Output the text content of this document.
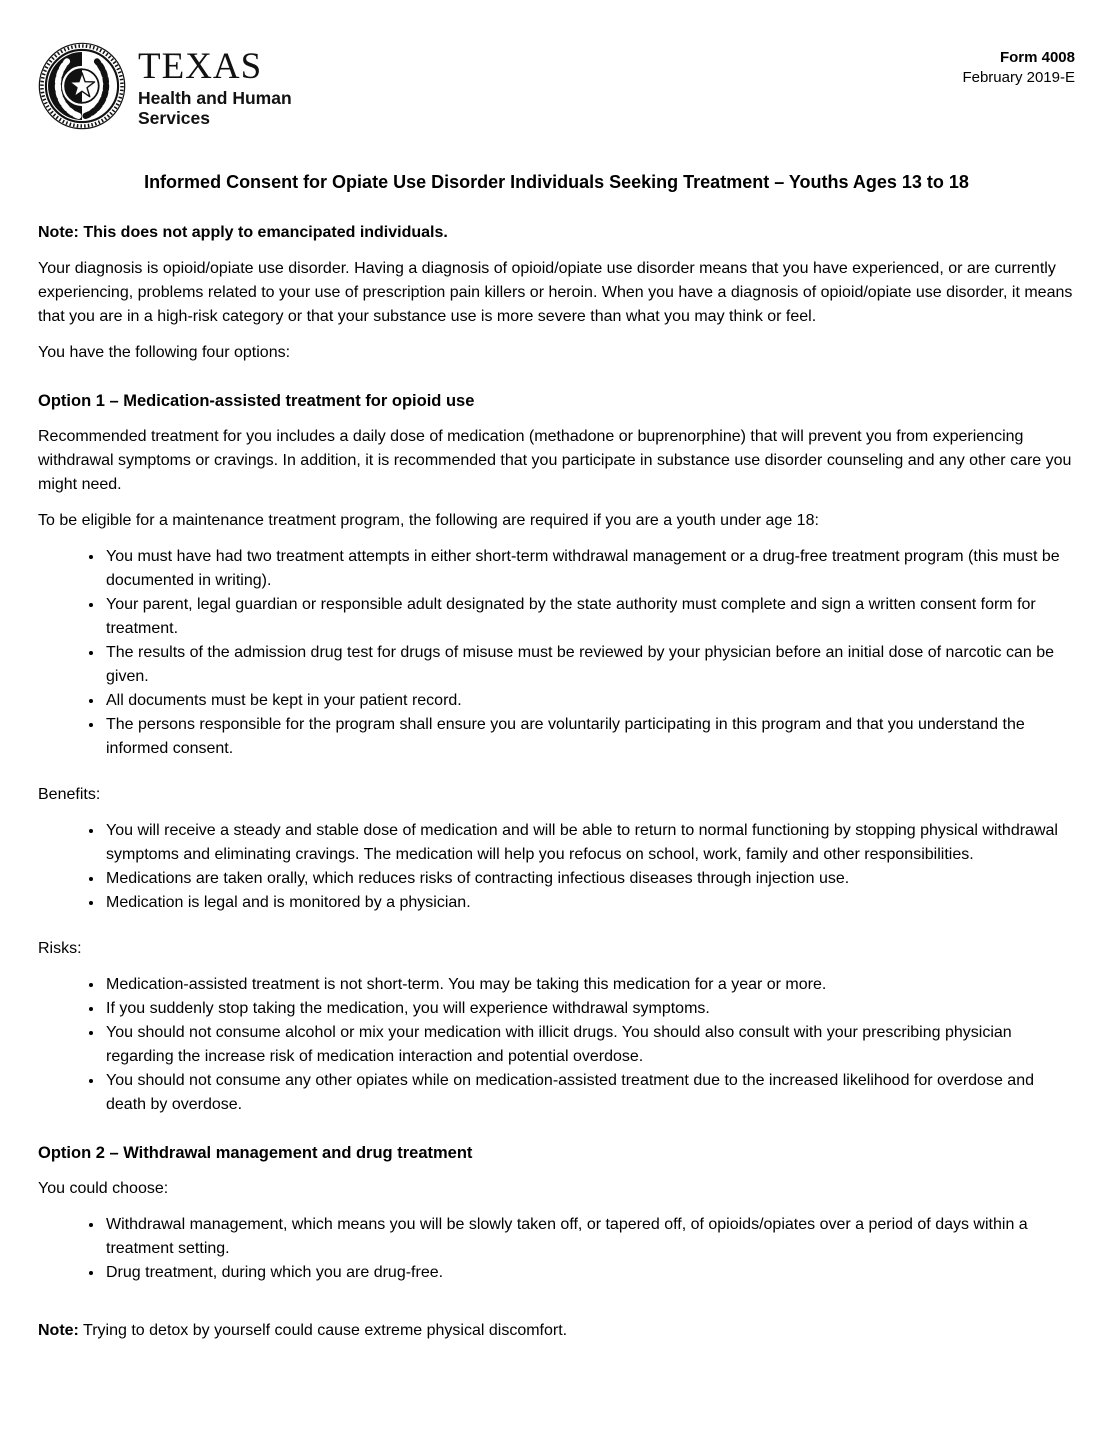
TEXAS
Health and Human
Services
Form 4008
February 2019-E
Informed Consent for Opiate Use Disorder Individuals Seeking Treatment – Youths Ages 13 to 18

Note: This does not apply to emancipated individuals.

Your diagnosis is opioid/opiate use disorder. Having a diagnosis of opioid/opiate use disorder means that you have experienced, or are currently experiencing, problems related to your use of prescription pain killers or heroin. When you have a diagnosis of opioid/opiate use disorder, it means that you are in a high-risk category or that your substance use is more severe than what you may think or feel.

You have the following four options:

Option 1 – Medication-assisted treatment for opioid use

Recommended treatment for you includes a daily dose of medication (methadone or buprenorphine) that will prevent you from experiencing withdrawal symptoms or cravings. In addition, it is recommended that you participate in substance use disorder counseling and any other care you might need.

To be eligible for a maintenance treatment program, the following are required if you are a youth under age 18:

• You must have had two treatment attempts in either short-term withdrawal management or a drug-free treatment program (this must be documented in writing).
• Your parent, legal guardian or responsible adult designated by the state authority must complete and sign a written consent form for treatment.
• The results of the admission drug test for drugs of misuse must be reviewed by your physician before an initial dose of narcotic can be given.
• All documents must be kept in your patient record.
• The persons responsible for the program shall ensure you are voluntarily participating in this program and that you understand the informed consent.

Benefits:

• You will receive a steady and stable dose of medication and will be able to return to normal functioning by stopping physical withdrawal symptoms and eliminating cravings. The medication will help you refocus on school, work, family and other responsibilities.
• Medications are taken orally, which reduces risks of contracting infectious diseases through injection use.
• Medication is legal and is monitored by a physician.

Risks:

• Medication-assisted treatment is not short-term. You may be taking this medication for a year or more.
• If you suddenly stop taking the medication, you will experience withdrawal symptoms.
• You should not consume alcohol or mix your medication with illicit drugs. You should also consult with your prescribing physician regarding the increase risk of medication interaction and potential overdose.
• You should not consume any other opiates while on medication-assisted treatment due to the increased likelihood for overdose and death by overdose.
Option 2 – Withdrawal management and drug treatment

You could choose:

• Withdrawal management, which means you will be slowly taken off, or tapered off, of opioids/opiates over a period of days within a treatment setting.
• Drug treatment, during which you are drug-free.

Note: Trying to detox by yourself could cause extreme physical discomfort.
